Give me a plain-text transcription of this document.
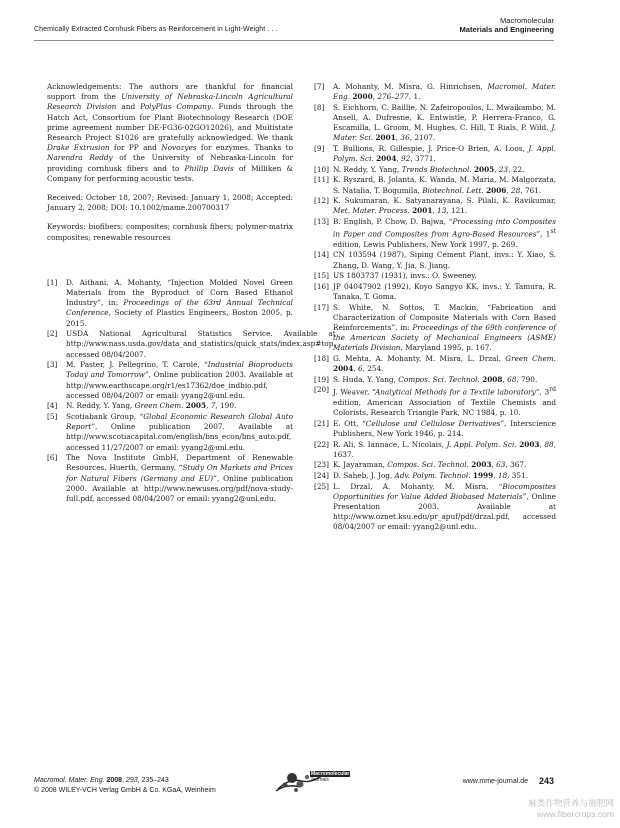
Chemically Extracted Cornhusk Fibers as Reinforcement in Light-Weight . . .
Macromolecular
Materials and Engineering

Acknowledgements: The authors are thankful for financial support from the University of Nebraska-Lincoln Agricultural Research Division and PolyPlus Company. Funds through the Hatch Act, Consortium for Plant Biotechnology Research (DOE prime agreement number DE-FG36-02GO12026), and Multistate Research Project S1026 are gratefully acknowledged. We thank Drake Extrusion for PP and Novozyes for enzymes. Thanks to Narendra Reddy of the University of Nebraska-Lincoln for providing cornhusk fibers and to Phillip Davis of Milliken & Company for performing acoustic tests.

Received: October 18, 2007; Revised: January 1, 2008; Accepted: January 2, 2008; DOI: 10.1002/mame.200700317

Keywords: biofibers; composites; cornhusk fibers; polymer-matrix composites; renewable resources

[1]	D. Aithani, A. Mohanty, “Injection Molded Novel Green Materials from the Byproduct of Corn Based Ethanol Industry”, in: Proceedings of the 63rd Annual Technical Conference, Society of Plastics Engineers, Boston 2005, p. 2015.
[2]	USDA National Agricultural Statistics Service. Available at http://www.nass.usda.gov/data_and_statistics/quick_stats/index.asp#top, accessed 08/04/2007.
[3]	M. Paster, J. Pellegrino, T. Carole, “Industrial Bioproducts Today and Tomorrow”, Online publication 2003. Available at http://www.earthscape.org/r1/es17362/doe_indbio.pdf, accessed 08/04/2007 or email: yyang2@unl.edu.
[4]	N. Reddy, Y. Yang, Green Chem. 2005, 7, 190.
[5]	Scotiabank Group, “Global Economic Research Global Auto Report”, Online publication 2007. Available at http://www.scotiacapital.com/english/bns_econ/bns_auto.pdf, accessed 11/27/2007 or email: yyang2@unl.edu.
[6]	The Nova Institute GmbH, Department of Renewable Resources, Huerth, Germany, “Study On Markets and Prices for Natural Fibers (Germany and EU)”, Online publication 2000. Available at http://www.newuses.org/pdf/nova-study-full.pdf, accessed 08/04/2007 or email: yyang2@unl.edu.
[7]	A. Mohanty, M. Misra, G. Hinrichsen, Macromol. Mater. Eng. 2000, 276–277, 1.
[8]	S. Eichhorn, C. Baillie, N. Zafeiropoulos, L. Mwaikambo, M. Ansell, A. Dufresne, K. Entwistle, P. Herrera-Franco, G. Escamilla, L. Groom, M. Hughes, C. Hill, T. Rials, P. Wild, J. Mater. Sci. 2001, 36, 2107.
[9]	T. Bullions, R. Gillespie, J. Price-O Brien, A. Loos, J. Appl. Polym. Sci. 2004, 92, 3771.
[10] N. Reddy, Y. Yang, Trends Biotechnol. 2005, 23, 22.
[11] K. Ryszard, B. Jolanta, K. Wanda, M. Maria, M. Malgorzata, S. Natalia, T. Bogumila, Biotechnol. Lett. 2006, 28, 761.
[12] K. Sukumaran, K. Satyanarayana, S. Pilali, K. Ravikumar, Met. Mater. Process. 2001, 13, 121.
[13] B. English, P. Chow, D. Bajwa, “Processing into Composites in Paper and Composites from Agro-Based Resources”, 1st edition, Lewis Publishers, New York 1997, p. 269.
[14] CN 103594 (1987), Siping Cement Plant, invs.: Y. Xiao, S. Zhang, D. Wang, Y. Jia, S. Jiang.
[15] US 1803737 (1931), invs.: O. Sweeney.
[16] JP 04047902 (1992), Koyo Sangyo KK, invs.: Y. Tamura, R. Tanaka, T. Goma.
[17] S. White, N. Sottos, T. Mackin, “Fabrication and Characterization of Composite Materials with Corn Based Reinforcements”, in: Proceedings of the 69th conference of the American Society of Mechanical Engineers (ASME) Materials Division, Maryland 1995, p. 167.
[18] G. Mehta, A. Mohanty, M. Misra, L. Drzal, Green Chem. 2004, 6, 254.
[19] S. Huda, Y. Yang, Compos. Sci. Technol. 2008, 68, 790.
[20] J. Weaver, “Analytical Methods for a Textile laboratory”, 3rd edition, American Association of Textile Chemists and Colorists, Research Triangle Park, NC 1984, p. 10.
[21] E. Ott, “Cellulose and Cellulose Derivatives”, Interscience Publishers, New York 1946, p. 214.
[22] R. Ali, S. Iannace, L. Nicolais, J. Appl. Polym. Sci. 2003, 88, 1637.
[23] K. Jayaraman, Compos. Sci. Technol. 2003, 63, 367.
[24] D. Saheb, J. Jog, Adv. Polym. Technol. 1999, 18, 351.
[25] L. Drzal, A. Mohanty, M. Misra, “Biocomposites Opportunities for Value Added Biobased Materials”, Online Presentation 2003. Available at http://www.oznet.ksu.edu/pr_apuf/pdf/drzal.pdf, accessed 08/04/2007 or email: yyang2@unl.edu.
Macromol. Mater. Eng. 2008, 293, 235–243
© 2008 WILEY-VCH Verlag GmbH & Co. KGaA, Weinheim
Macromolecular
Journals	www.mme-journal.de 243
麻类作物营养与施肥网
www.fibercrops.com
